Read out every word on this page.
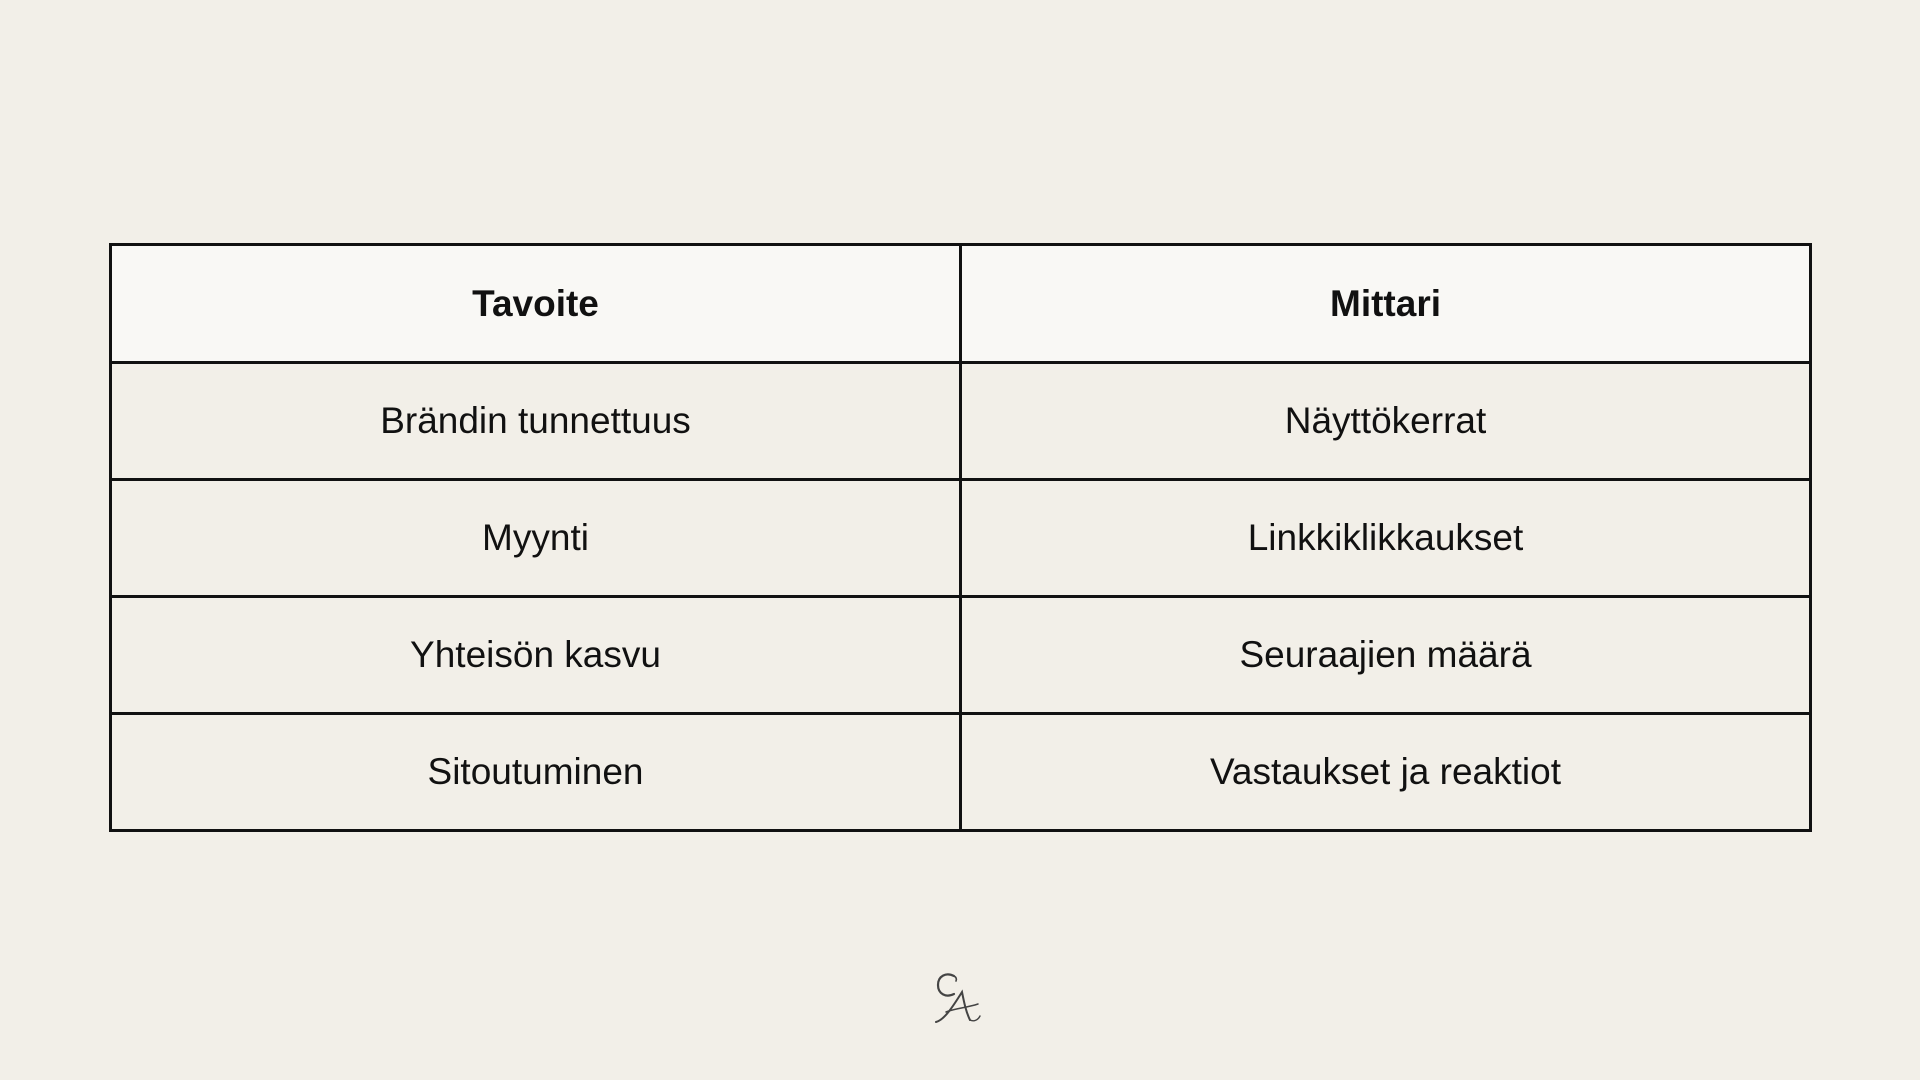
Tavoite	Mittari
Brändin tunnettuus	Näyttökerrat
Myynti	Linkkiklikkaukset
Yhteisön kasvu	Seuraajien määrä
Sitoutuminen	Vastaukset ja reaktiot
